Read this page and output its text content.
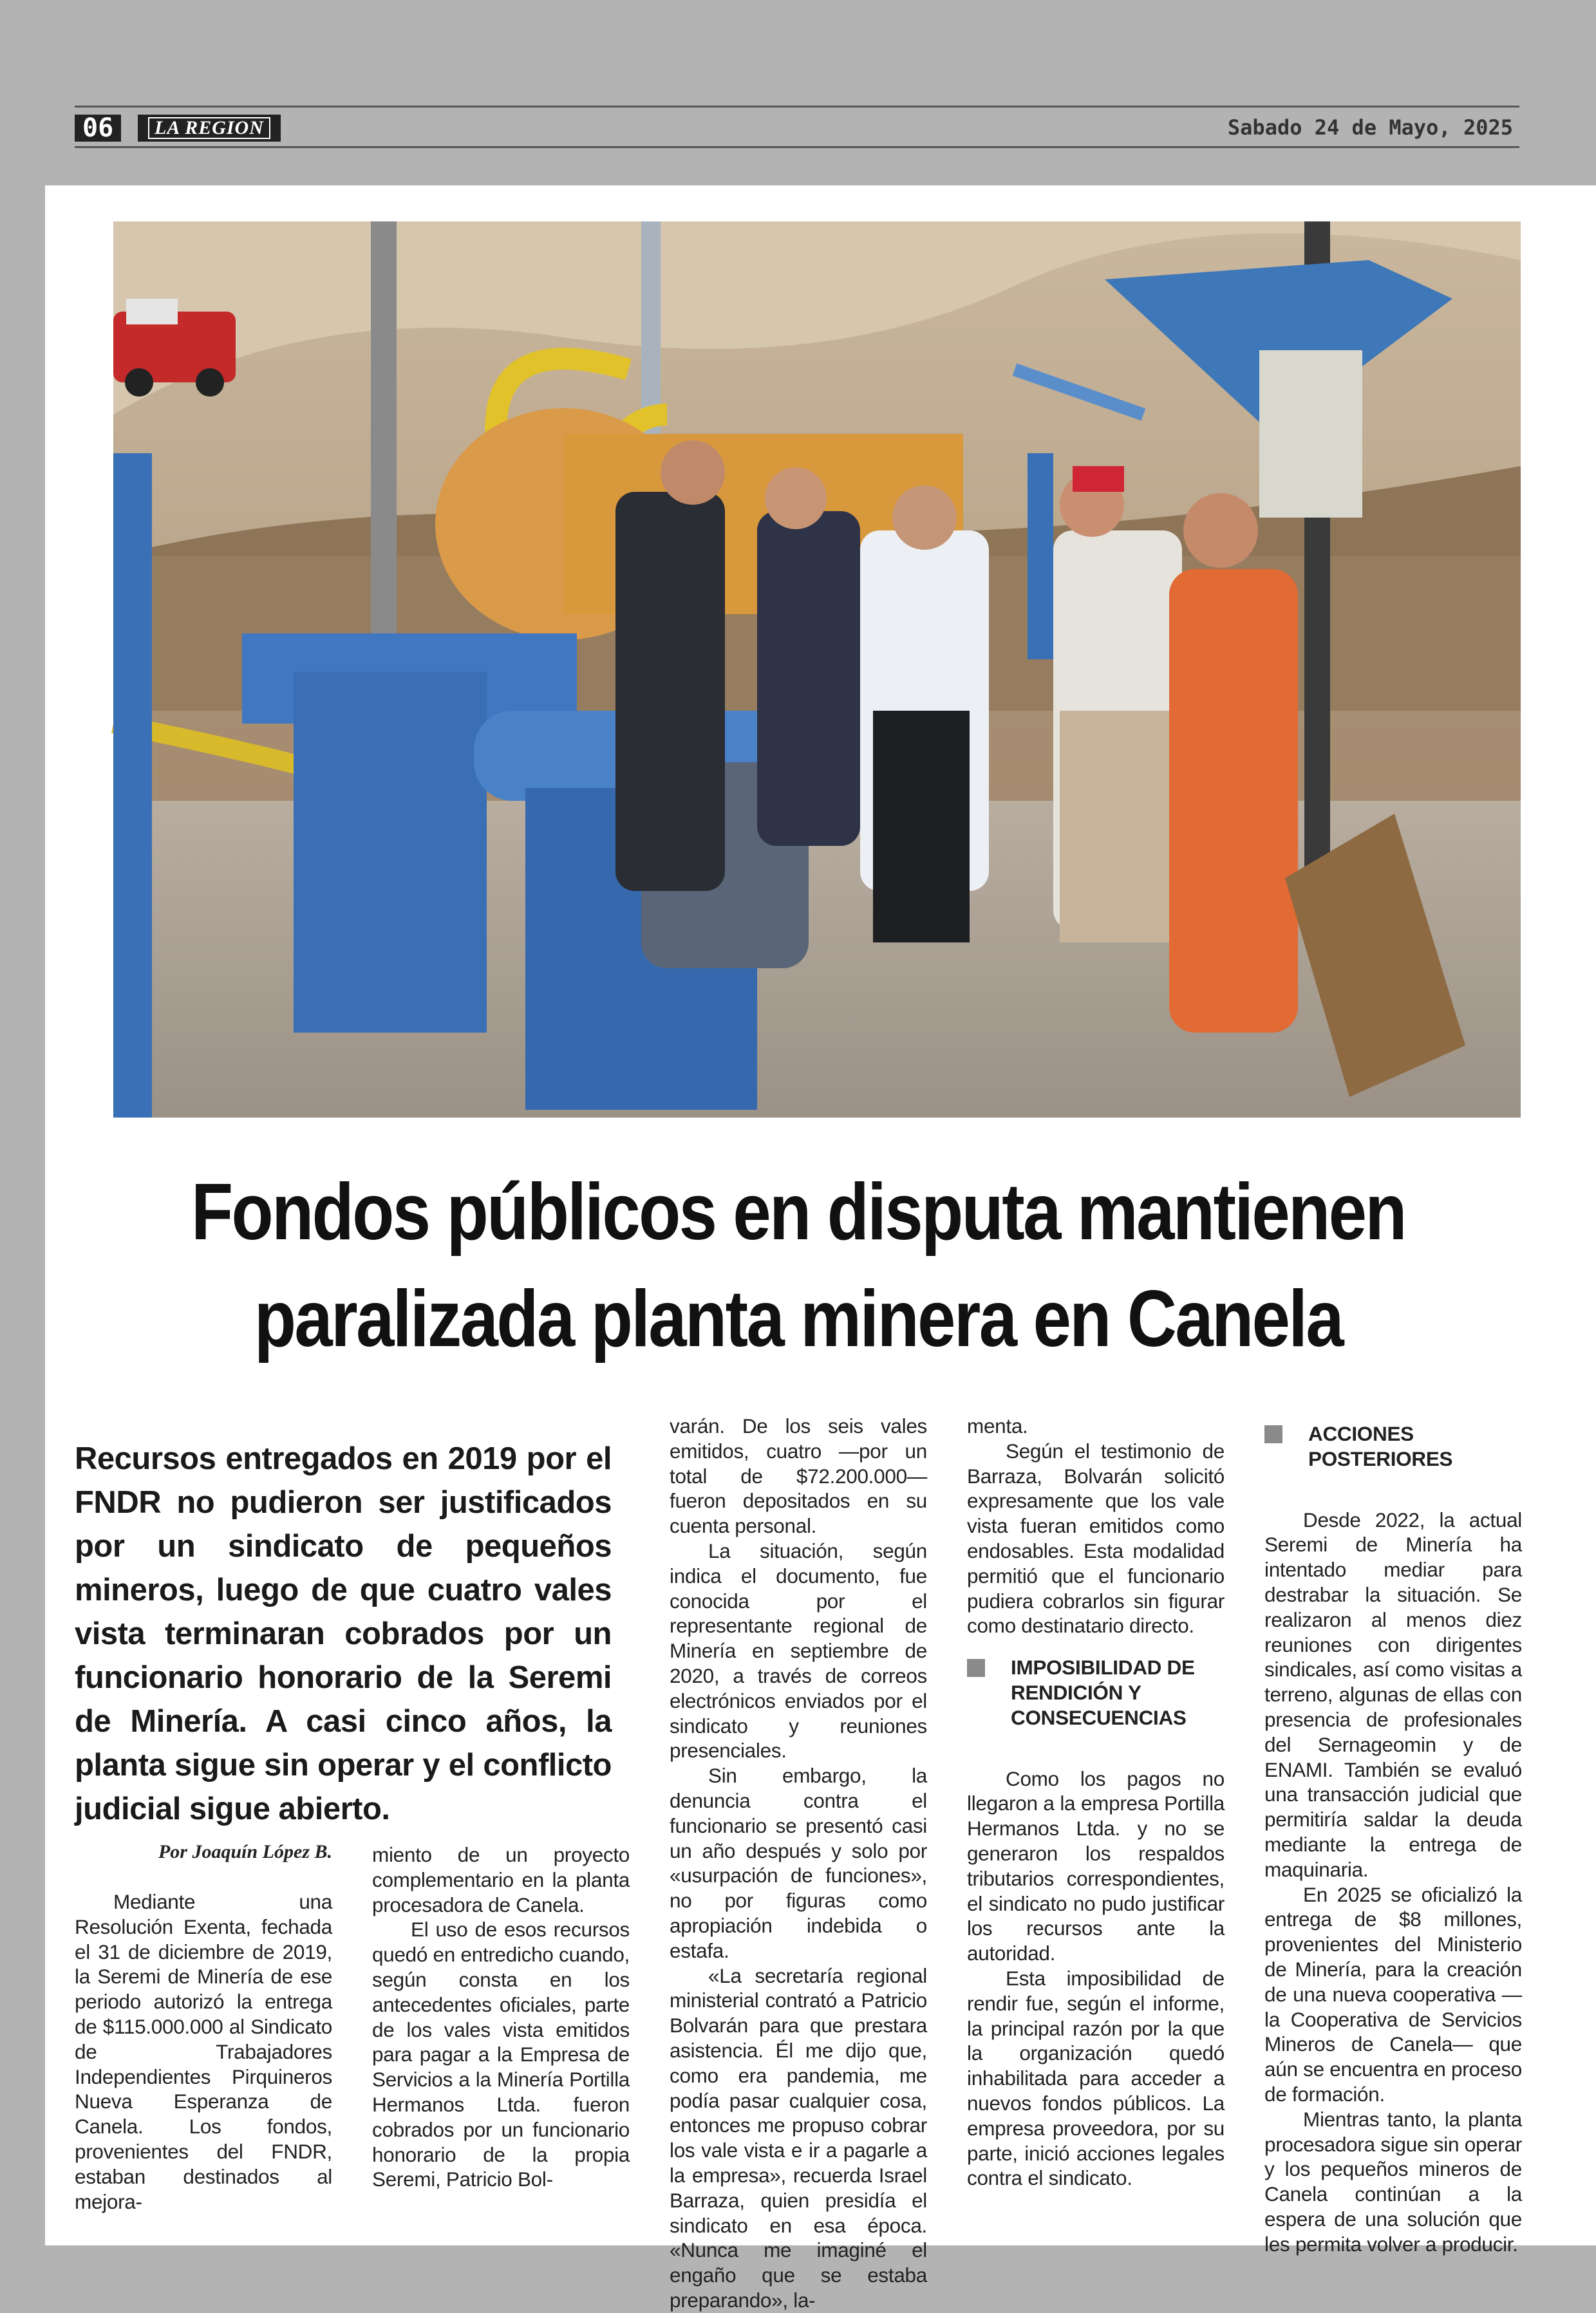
06	LA REGION	Sabado 24 de Mayo, 2025
Fondos públicos en disputa mantienen
paralizada planta minera en Canela
Recursos entregados en 2019 por el FNDR no pudieron ser justificados por un sindicato de pequeños mineros, luego de que cuatro vales vista terminaran cobrados por un funcionario honorario de la Seremi de Minería. A casi cinco años, la planta sigue sin operar y el conflicto judicial sigue abierto.
Por Joaquín López B.

Mediante una Resolución Exenta, fechada el 31 de diciembre de 2019, la Seremi de Minería de ese periodo autorizó la entrega de $115.000.000 al Sindicato de Trabajadores Independientes Pirquineros Nueva Esperanza de Canela. Los fondos, provenientes del FNDR, estaban destinados al mejora-

miento de un proyecto complementario en la planta procesadora de Canela.

El uso de esos recursos quedó en entredicho cuando, según consta en los antecedentes oficiales, parte de los vales vista emitidos para pagar a la Empresa de Servicios a la Minería Portilla Hermanos Ltda. fueron cobrados por un funcionario honorario de la propia Seremi, Patricio Bol-

varán. De los seis vales emitidos, cuatro —por un total de $72.200.000— fueron depositados en su cuenta personal.

La situación, según indica el documento, fue conocida por el representante regional de Minería en septiembre de 2020, a través de correos electrónicos enviados por el sindicato y reuniones presenciales.

Sin embargo, la denuncia contra el funcionario se presentó casi un año después y solo por «usurpación de funciones», no por figuras como apropiación indebida o estafa.

«La secretaría regional ministerial contrató a Patricio Bolvarán para que prestara asistencia. Él me dijo que, como era pandemia, me podía pasar cualquier cosa, entonces me propuso cobrar los vale vista e ir a pagarle a la empresa», recuerda Israel Barraza, quien presidía el sindicato en esa época. «Nunca me imaginé el engaño que se estaba preparando», la-

menta.

Según el testimonio de Barraza, Bolvarán solicitó expresamente que los vale vista fueran emitidos como endosables. Esta modalidad permitió que el funcionario pudiera cobrarlos sin figurar como destinatario directo.

IMPOSIBILIDAD DE RENDICIÓN Y CONSECUENCIAS

Como los pagos no llegaron a la empresa Portilla Hermanos Ltda. y no se generaron los respaldos tributarios correspondientes, el sindicato no pudo justificar los recursos ante la autoridad.

Esta imposibilidad de rendir fue, según el informe, la principal razón por la que la organización quedó inhabilitada para acceder a nuevos fondos públicos. La empresa proveedora, por su parte, inició acciones legales contra el sindicato.

ACCIONES POSTERIORES

Desde 2022, la actual Seremi de Minería ha intentado mediar para destrabar la situación. Se realizaron al menos diez reuniones con dirigentes sindicales, así como visitas a terreno, algunas de ellas con presencia de profesionales del Sernageomin y de ENAMI. También se evaluó una transacción judicial que permitiría saldar la deuda mediante la entrega de maquinaria.

En 2025 se oficializó la entrega de $8 millones, provenientes del Ministerio de Minería, para la creación de una nueva cooperativa —la Cooperativa de Servicios Mineros de Canela— que aún se encuentra en proceso de formación.

Mientras tanto, la planta procesadora sigue sin operar y los pequeños mineros de Canela continúan a la espera de una solución que les permita volver a producir.
